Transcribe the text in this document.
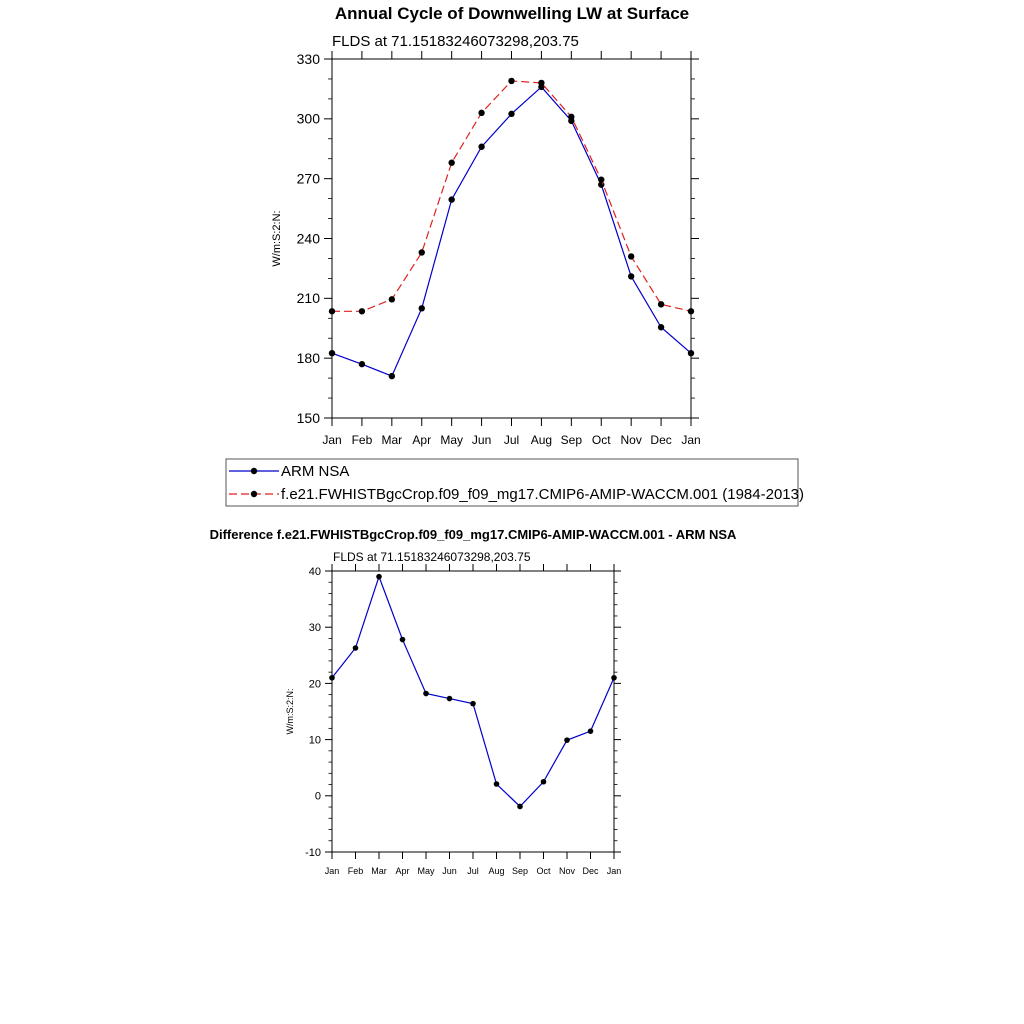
Annual Cycle of Downwelling LW at Surface
FLDS at 71.15183246073298,203.75
150
180
210
240
270
300
330
Jan Feb Mar Apr May Jun Jul Aug Sep Oct Nov Dec Jan
W/m:S:2:N:
ARM NSA
f.e21.FWHISTBgcCrop.f09_f09_mg17.CMIP6-AMIP-WACCM.001 (1984-2013)
Difference f.e21.FWHISTBgcCrop.f09_f09_mg17.CMIP6-AMIP-WACCM.001 - ARM NSA
FLDS at 71.15183246073298,203.75
-10
0
10
20
30
40
Jan Feb Mar Apr May Jun Jul Aug Sep Oct Nov Dec Jan
W/m:S:2:N:
